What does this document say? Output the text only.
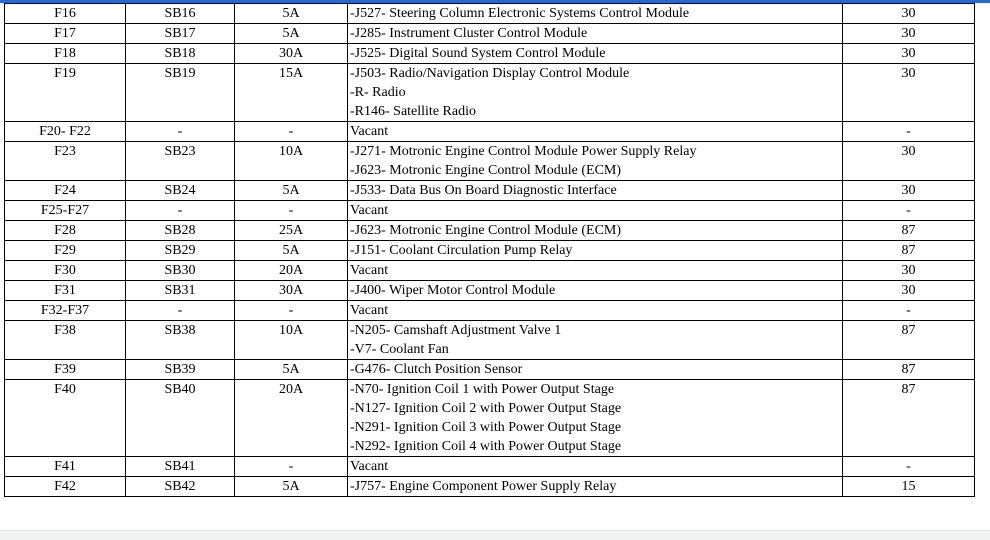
F16	SB16	5A	-J527- Steering Column Electronic Systems Control Module	30
F17	SB17	5A	-J285- Instrument Cluster Control Module	30
F18	SB18	30A	-J525- Digital Sound System Control Module	30
F19	SB19	15A	-J503- Radio/Navigation Display Control Module
-R- Radio
-R146- Satellite Radio	30
F20- F22	-	-	Vacant	-
F23	SB23	10A	-J271- Motronic Engine Control Module Power Supply Relay
-J623- Motronic Engine Control Module (ECM)	30
F24	SB24	5A	-J533- Data Bus On Board Diagnostic Interface	30
F25-F27	-	-	Vacant	-
F28	SB28	25A	-J623- Motronic Engine Control Module (ECM)	87
F29	SB29	5A	-J151- Coolant Circulation Pump Relay	87
F30	SB30	20A	Vacant	30
F31	SB31	30A	-J400- Wiper Motor Control Module	30
F32-F37	-	-	Vacant	-
F38	SB38	10A	-N205- Camshaft Adjustment Valve 1
-V7- Coolant Fan	87
F39	SB39	5A	-G476- Clutch Position Sensor	87
F40	SB40	20A	-N70- Ignition Coil 1 with Power Output Stage
-N127- Ignition Coil 2 with Power Output Stage
-N291- Ignition Coil 3 with Power Output Stage
-N292- Ignition Coil 4 with Power Output Stage	87
F41	SB41	-	Vacant	-
F42	SB42	5A	-J757- Engine Component Power Supply Relay	15
